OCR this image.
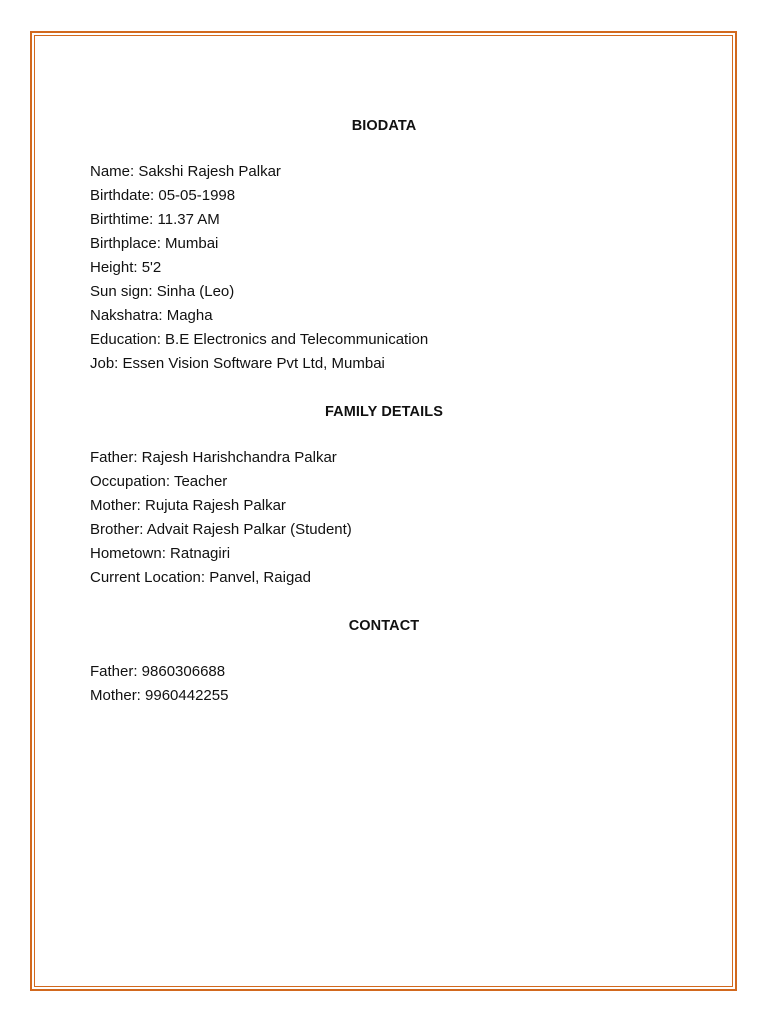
BIODATA
Name: Sakshi Rajesh Palkar
Birthdate: 05-05-1998
Birthtime: 11.37 AM
Birthplace: Mumbai
Height: 5'2
Sun sign: Sinha (Leo)
Nakshatra: Magha
Education: B.E Electronics and Telecommunication
Job: Essen Vision Software Pvt Ltd, Mumbai
FAMILY DETAILS
Father: Rajesh Harishchandra Palkar
Occupation: Teacher
Mother: Rujuta Rajesh Palkar
Brother: Advait Rajesh Palkar (Student)
Hometown: Ratnagiri
Current Location: Panvel, Raigad
CONTACT
Father: 9860306688
Mother: 9960442255
